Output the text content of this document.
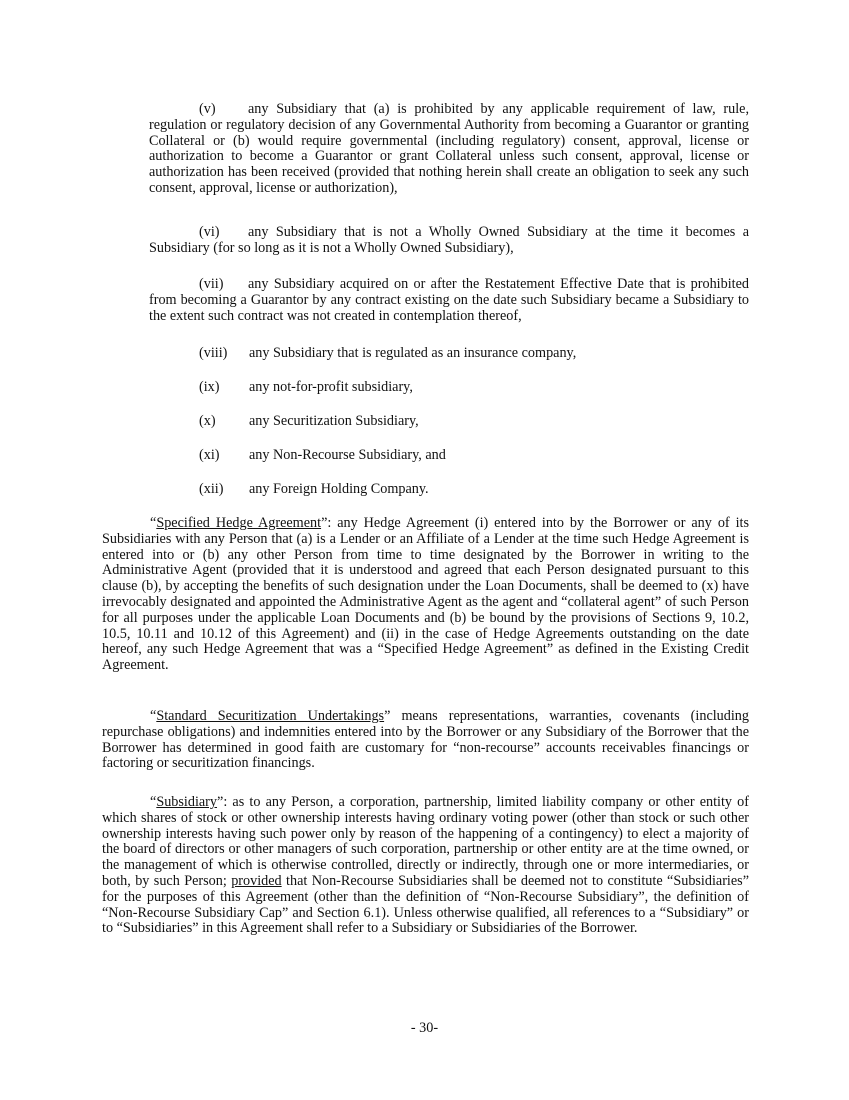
(v) any Subsidiary that (a) is prohibited by any applicable requirement of law, rule, regulation or regulatory decision of any Governmental Authority from becoming a Guarantor or granting Collateral or (b) would require governmental (including regulatory) consent, approval, license or authorization to become a Guarantor or grant Collateral unless such consent, approval, license or authorization has been received (provided that nothing herein shall create an obligation to seek any such consent, approval, license or authorization),

(vi) any Subsidiary that is not a Wholly Owned Subsidiary at the time it becomes a Subsidiary (for so long as it is not a Wholly Owned Subsidiary),

(vii) any Subsidiary acquired on or after the Restatement Effective Date that is prohibited from becoming a Guarantor by any contract existing on the date such Subsidiary became a Subsidiary to the extent such contract was not created in contemplation thereof,

(viii) any Subsidiary that is regulated as an insurance company,

(ix) any not-for-profit subsidiary,

(x) any Securitization Subsidiary,

(xi) any Non-Recourse Subsidiary, and

(xii) any Foreign Holding Company.

“Specified Hedge Agreement”: any Hedge Agreement (i) entered into by the Borrower or any of its Subsidiaries with any Person that (a) is a Lender or an Affiliate of a Lender at the time such Hedge Agreement is entered into or (b) any other Person from time to time designated by the Borrower in writing to the Administrative Agent (provided that it is understood and agreed that each Person designated pursuant to this clause (b), by accepting the benefits of such designation under the Loan Documents, shall be deemed to (x) have irrevocably designated and appointed the Administrative Agent as the agent and “collateral agent” of such Person for all purposes under the applicable Loan Documents and (b) be bound by the provisions of Sections 9, 10.2, 10.5, 10.11 and 10.12 of this Agreement) and (ii) in the case of Hedge Agreements outstanding on the date hereof, any such Hedge Agreement that was a “Specified Hedge Agreement” as defined in the Existing Credit Agreement.

“Standard Securitization Undertakings” means representations, warranties, covenants (including repurchase obligations) and indemnities entered into by the Borrower or any Subsidiary of the Borrower that the Borrower has determined in good faith are customary for “non-recourse” accounts receivables financings or factoring or securitization financings.

“Subsidiary”: as to any Person, a corporation, partnership, limited liability company or other entity of which shares of stock or other ownership interests having ordinary voting power (other than stock or such other ownership interests having such power only by reason of the happening of a contingency) to elect a majority of the board of directors or other managers of such corporation, partnership or other entity are at the time owned, or the management of which is otherwise controlled, directly or indirectly, through one or more intermediaries, or both, by such Person; provided that Non-Recourse Subsidiaries shall be deemed not to constitute “Subsidiaries” for the purposes of this Agreement (other than the definition of “Non-Recourse Subsidiary”, the definition of “Non-Recourse Subsidiary Cap” and Section 6.1). Unless otherwise qualified, all references to a “Subsidiary” or to “Subsidiaries” in this Agreement shall refer to a Subsidiary or Subsidiaries of the Borrower.

- 30-
